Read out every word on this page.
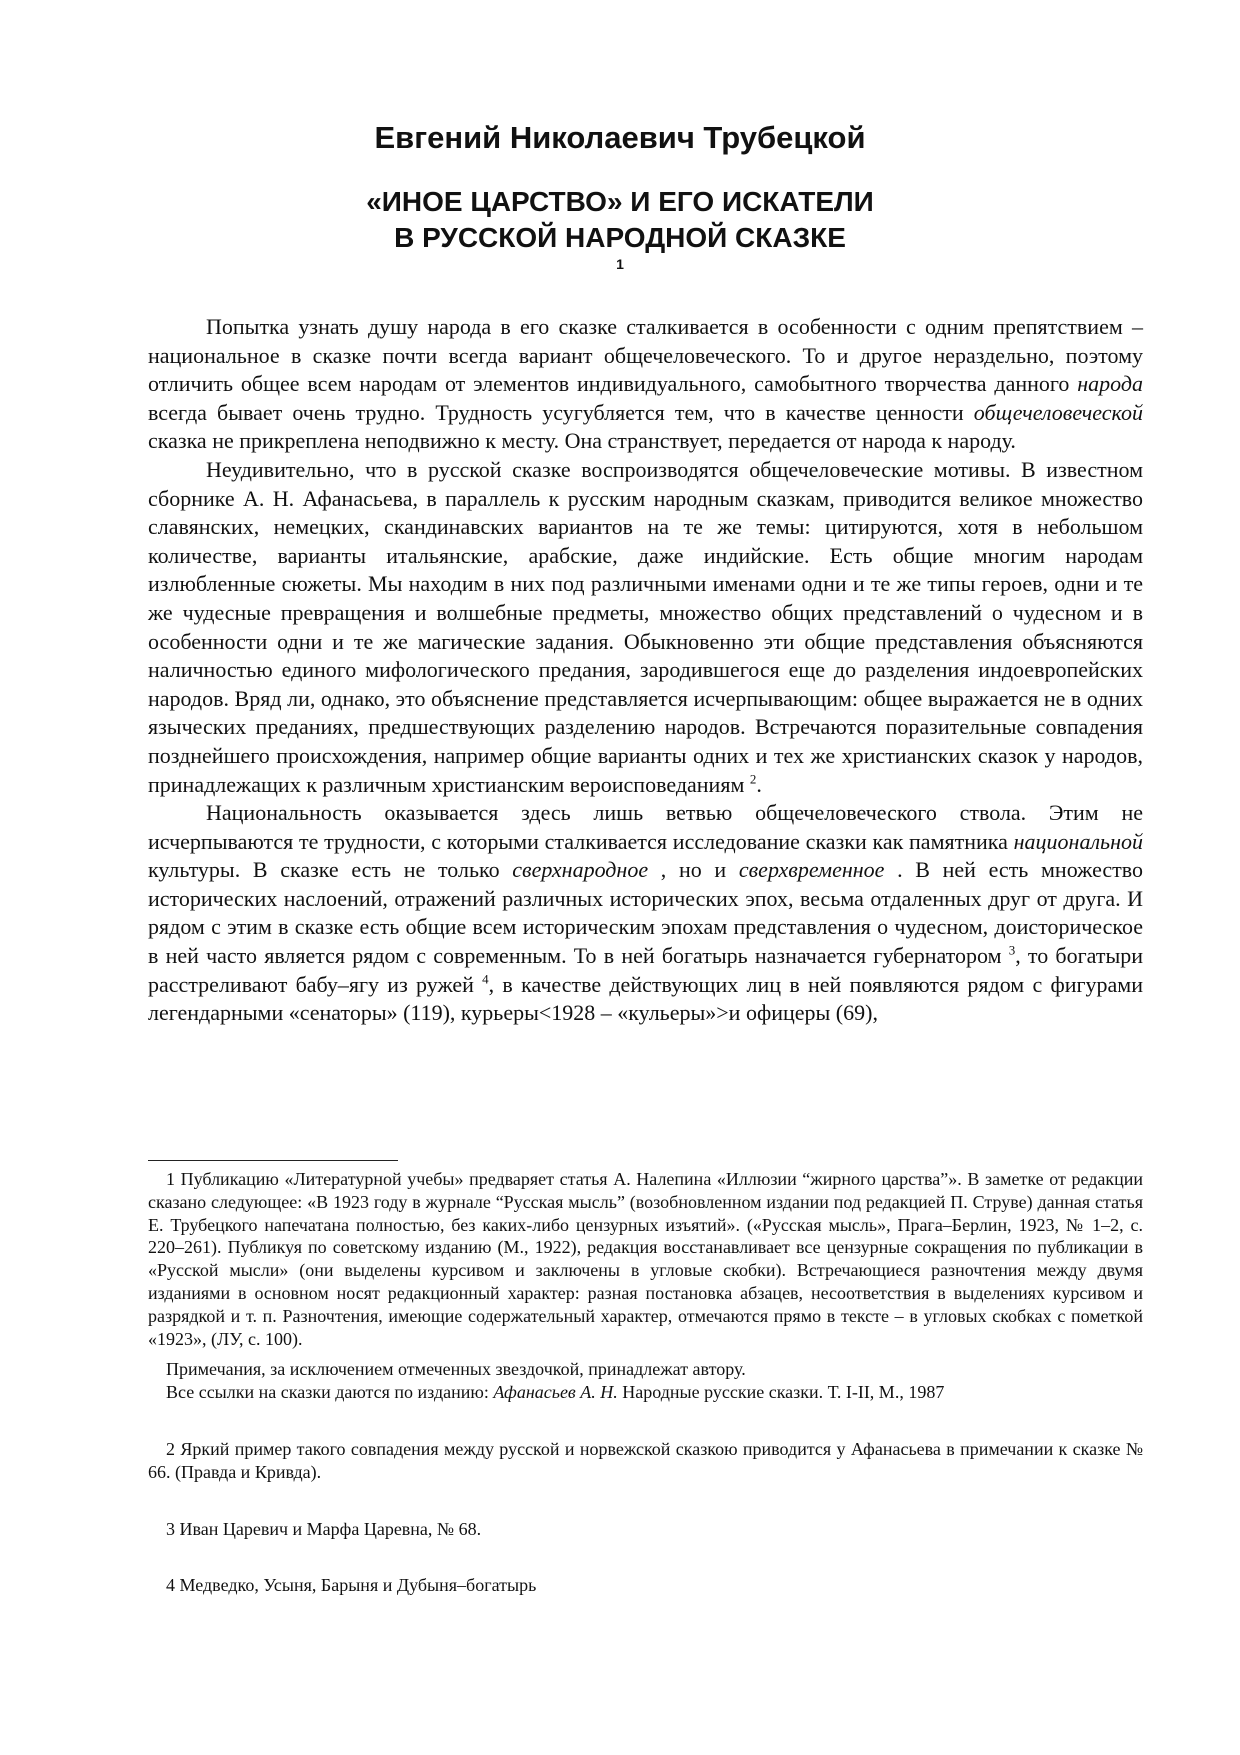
Евгений Николаевич Трубецкой
«ИНОЕ ЦАРСТВО» И ЕГО ИСКАТЕЛИ
В РУССКОЙ НАРОДНОЙ СКАЗКЕ
1

Попытка узнать душу народа в его сказке сталкивается в особенности с одним препятствием – национальное в сказке почти всегда вариант общечеловеческого. То и другое нераздельно, поэтому отличить общее всем народам от элементов индивидуального, самобытного творчества данного народа всегда бывает очень трудно. Трудность усугубляется тем, что в качестве ценности общечеловеческой сказка не прикреплена неподвижно к месту. Она странствует, передается от народа к народу.

Неудивительно, что в русской сказке воспроизводятся общечеловеческие мотивы. В известном сборнике А. Н. Афанасьева, в параллель к русским народным сказкам, приводится великое множество славянских, немецких, скандинавских вариантов на те же темы: цитируются, хотя в небольшом количестве, варианты итальянские, арабские, даже индийские. Есть общие многим народам излюбленные сюжеты. Мы находим в них под различными именами одни и те же типы героев, одни и те же чудесные превращения и волшебные предметы, множество общих представлений о чудесном и в особенности одни и те же магические задания. Обыкновенно эти общие представления объясняются наличностью единого мифологического предания, зародившегося еще до разделения индоевропейских народов. Вряд ли, однако, это объяснение представляется исчерпывающим: общее выражается не в одних языческих преданиях, предшествующих разделению народов. Встречаются поразительные совпадения позднейшего происхождения, например общие варианты одних и тех же христианских сказок у народов, принадлежащих к различным христианским вероисповеданиям $^2$.

Национальность оказывается здесь лишь ветвью общечеловеческого ствола. Этим не исчерпываются те трудности, с которыми сталкивается исследование сказки как памятника национальной культуры. В сказке есть не только сверхнародное , но и сверхвременное . В ней есть множество исторических наслоений, отражений различных исторических эпох, весьма отдаленных друг от друга. И рядом с этим в сказке есть общие всем историческим эпохам представления о чудесном, доисторическое в ней часто является рядом с современным. То в ней богатырь назначается губернатором $^3$, то богатыри расстреливают бабу–ягу из ружей $^4$, в качестве действующих лиц в ней появляются рядом с фигурами легендарными «сенаторы» (119), курьеры<1928 – «кульеры»>и офицеры (69),

1 Публикацию «Литературной учебы» предваряет статья А. Налепина «Иллюзии “жирного царства”». В заметке от редакции сказано следующее: «В 1923 году в журнале “Русская мысль” (возобновленном издании под редакцией П. Струве) данная статья Е. Трубецкого напечатана полностью, без каких-либо цензурных изъятий». («Русская мысль», Прага–Берлин, 1923, № 1–2, с. 220–261). Публикуя по советскому изданию (М., 1922), редакция восстанавливает все цензурные сокращения по публикации в «Русской мысли» (они выделены курсивом и заключены в угловые скобки). Встречающиеся разночтения между двумя изданиями в основном носят редакционный характер: разная постановка абзацев, несоответствия в выделениях курсивом и разрядкой и т. п. Разночтения, имеющие содержательный характер, отмечаются прямо в тексте – в угловых скобках с пометкой «1923», (ЛУ, с. 100).

Примечания, за исключением отмеченных звездочкой, принадлежат автору.

Все ссылки на сказки даются по изданию: Афанасьев А. Н. Народные русские сказки. Т. I-II, М., 1987

2 Яркий пример такого совпадения между русской и норвежской сказкою приводится у Афанасьева в примечании к сказке № 66. (Правда и Кривда).

3 Иван Царевич и Марфа Царевна, № 68.

4 Медведко, Усыня, Барыня и Дубыня–богатырь
